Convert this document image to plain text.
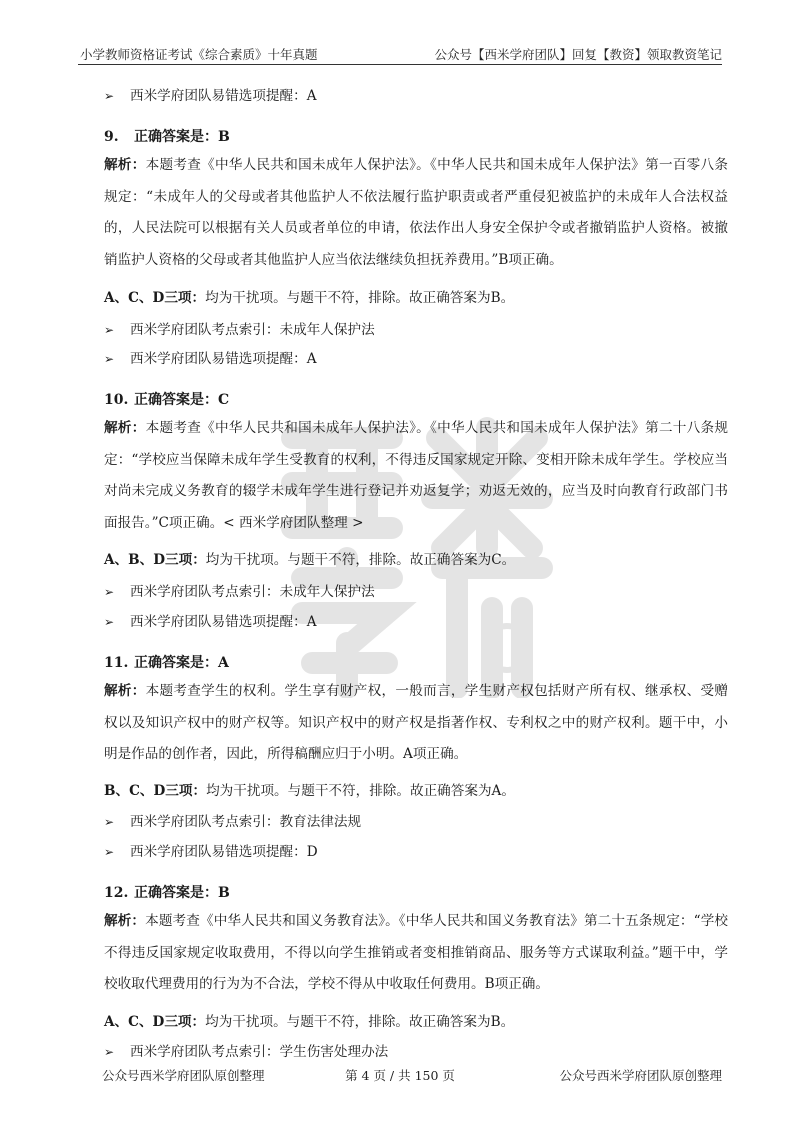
小学教师资格证考试《综合素质》十年真题	公众号【西米学府团队】回复【教资】领取教资笔记
➢ 西米学府团队易错选项提醒：A
9. 正确答案是：B
解析：本题考查《中华人民共和国未成年人保护法》。《中华人民共和国未成年人保护法》第一百零八条规定：“未成年人的父母或者其他监护人不依法履行监护职责或者严重侵犯被监护的未成年人合法权益的，人民法院可以根据有关人员或者单位的申请，依法作出人身安全保护令或者撤销监护人资格。被撤销监护人资格的父母或者其他监护人应当依法继续负担抚养费用。”B项正确。
A、C、D三项：均为干扰项。与题干不符，排除。故正确答案为B。
➢ 西米学府团队考点索引：未成年人保护法
➢ 西米学府团队易错选项提醒：A
10. 正确答案是：C
解析：本题考查《中华人民共和国未成年人保护法》。《中华人民共和国未成年人保护法》第二十八条规定：“学校应当保障未成年学生受教育的权利，不得违反国家规定开除、变相开除未成年学生。学校应当对尚未完成义务教育的辍学未成年学生进行登记并劝返复学；劝返无效的，应当及时向教育行政部门书面报告。”C项正确。< 西米学府团队整理 >
A、B、D三项：均为干扰项。与题干不符，排除。故正确答案为C。
➢ 西米学府团队考点索引：未成年人保护法
➢ 西米学府团队易错选项提醒：A
11. 正确答案是：A
解析：本题考查学生的权利。学生享有财产权，一般而言，学生财产权包括财产所有权、继承权、受赠权以及知识产权中的财产权等。知识产权中的财产权是指著作权、专利权之中的财产权利。题干中，小明是作品的创作者，因此，所得稿酬应归于小明。A项正确。
B、C、D三项：均为干扰项。与题干不符，排除。故正确答案为A。
➢ 西米学府团队考点索引：教育法律法规
➢ 西米学府团队易错选项提醒：D
12. 正确答案是：B
解析：本题考查《中华人民共和国义务教育法》。《中华人民共和国义务教育法》第二十五条规定：“学校不得违反国家规定收取费用，不得以向学生推销或者变相推销商品、服务等方式谋取利益。”题干中，学校收取代理费用的行为为不合法，学校不得从中收取任何费用。B项正确。
A、C、D三项：均为干扰项。与题干不符，排除。故正确答案为B。
➢ 西米学府团队考点索引：学生伤害处理办法
公众号西米学府团队原创整理	第 4 页 / 共 150 页	公众号西米学府团队原创整理
